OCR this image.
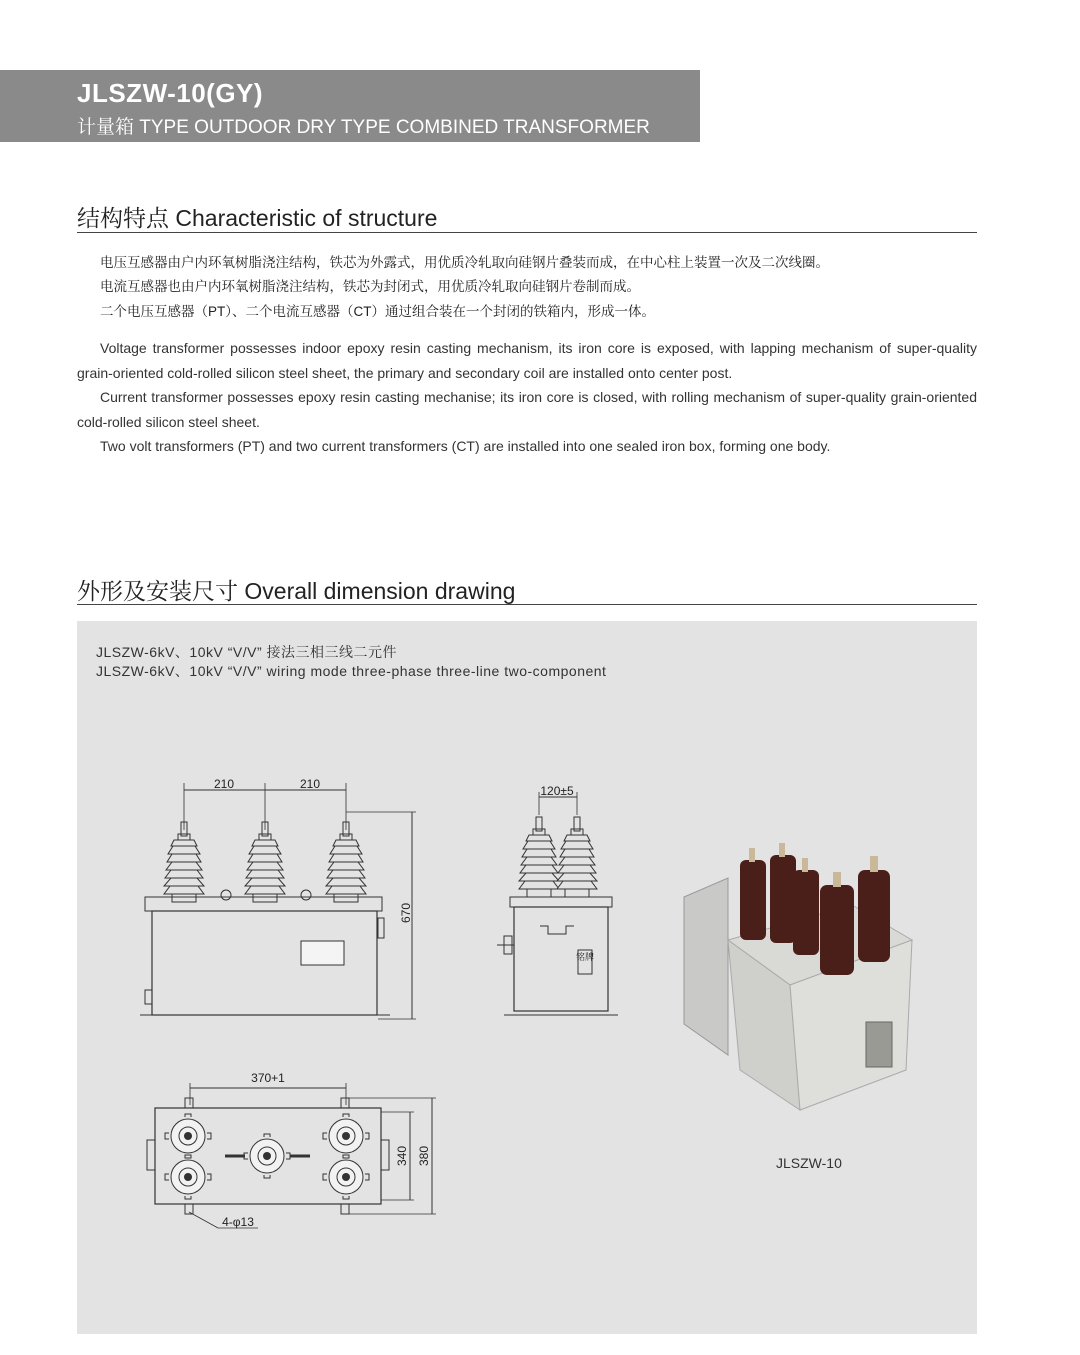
JLSZW-10(GY)
计量箱 TYPE OUTDOOR DRY TYPE COMBINED TRANSFORMER
结构特点 Characteristic of structure
电压互感器由户内环氧树脂浇注结构，铁芯为外露式，用优质冷轧取向硅钢片叠装而成，在中心柱上装置一次及二次线圈。
电流互感器也由户内环氧树脂浇注结构，铁芯为封闭式，用优质冷轧取向硅钢片卷制而成。
二个电压互感器（PT）、二个电流互感器（CT）通过组合装在一个封闭的铁箱内，形成一体。

Voltage transformer possesses indoor epoxy resin casting mechanism, its iron core is exposed, with lapping mechanism of super-quality grain-oriented cold-rolled silicon steel sheet, the primary and secondary coil are installed onto center post.

Current transformer possesses epoxy resin casting mechanise; its iron core is closed, with rolling mechanism of super-quality grain-oriented cold-rolled silicon steel sheet.

Two volt transformers (PT) and two current transformers (CT) are installed into one sealed iron box, forming one body.

外形及安装尺寸 Overall dimension drawing
JLSZW-6kV、10kV “V/V” 接法三相三线二元件
JLSZW-6kV、10kV “V/V” wiring mode three-phase three-line two-component
210	210
670
120±5
铭牌
370+1
340 380
4-φ13
JLSZW-10
